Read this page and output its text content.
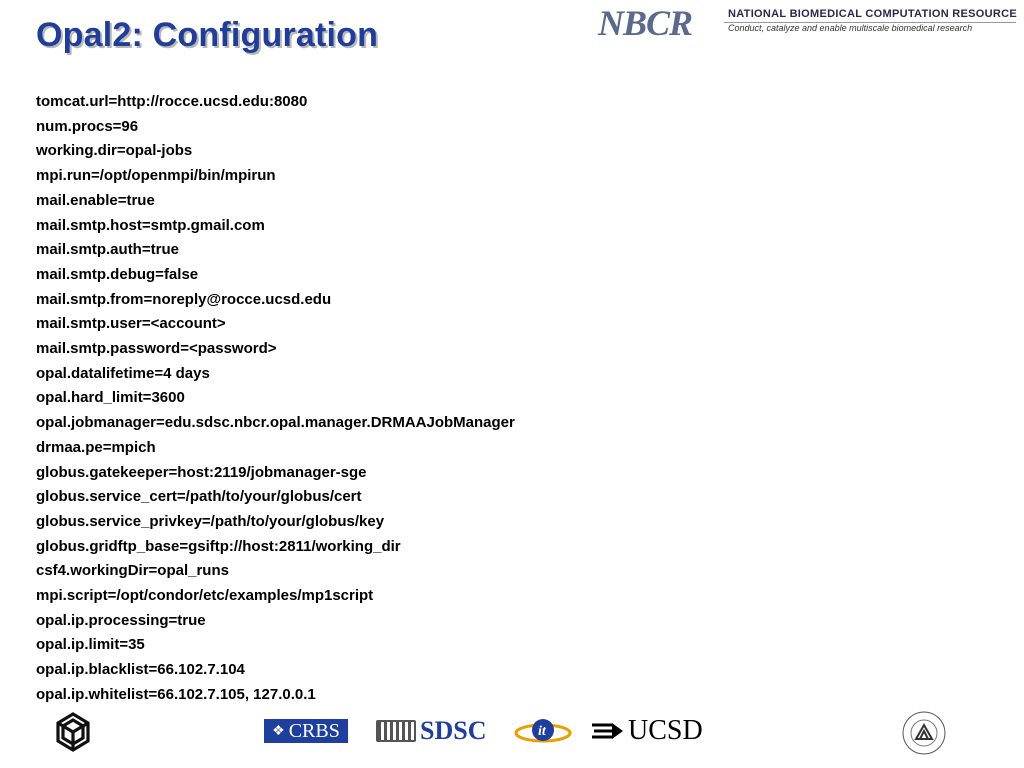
Opal2: Configuration	NBCR	NATIONAL BIOMEDICAL COMPUTATION RESOURCE
Conduct, catalyze and enable multiscale biomedical research
tomcat.url=http://rocce.ucsd.edu:8080
num.procs=96
working.dir=opal-jobs
mpi.run=/opt/openmpi/bin/mpirun
mail.enable=true
mail.smtp.host=smtp.gmail.com
mail.smtp.auth=true
mail.smtp.debug=false
mail.smtp.from=noreply@rocce.ucsd.edu
mail.smtp.user=<account>
mail.smtp.password=<password>
opal.datalifetime=4 days
opal.hard_limit=3600
opal.jobmanager=edu.sdsc.nbcr.opal.manager.DRMAAJobManager
drmaa.pe=mpich
globus.gatekeeper=host:2119/jobmanager-sge
globus.service_cert=/path/to/your/globus/cert
globus.service_privkey=/path/to/your/globus/key
globus.gridftp_base=gsiftp://host:2811/working_dir
csf4.workingDir=opal_runs
mpi.script=/opt/condor/etc/examples/mp1script
opal.ip.processing=true
opal.ip.limit=35
opal.ip.blacklist=66.102.7.104
opal.ip.whitelist=66.102.7.105, 127.0.0.1
❖ CRBS	SDSC	it	UCSD
